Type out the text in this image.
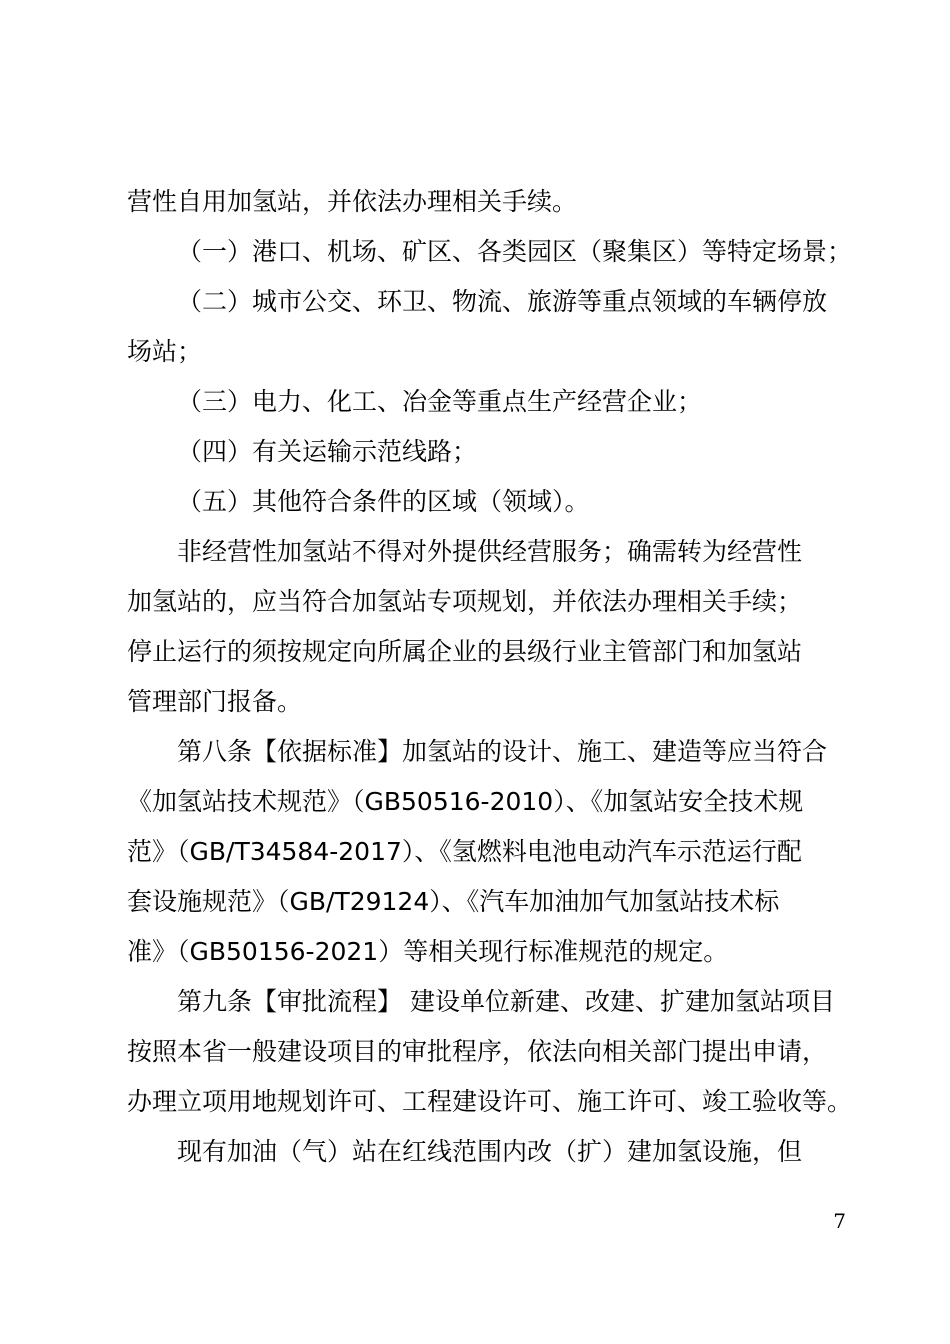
营性自用加氢站，并依法办理相关手续。
（一）港口、机场、矿区、各类园区（聚集区）等特定场景；
（二）城市公交、环卫、物流、旅游等重点领域的车辆停放
场站；
（三）电力、化工、冶金等重点生产经营企业；
（四）有关运输示范线路；
（五）其他符合条件的区域（领域）。
非经营性加氢站不得对外提供经营服务；确需转为经营性
加氢站的，应当符合加氢站专项规划，并依法办理相关手续；
停止运行的须按规定向所属企业的县级行业主管部门和加氢站
管理部门报备。
第八条【依据标准】加氢站的设计、施工、建造等应当符合
《加氢站技术规范》（GB50516-2010）、《加氢站安全技术规
范》（GB/T34584-2017）、《氢燃料电池电动汽车示范运行配
套设施规范》（GB/T29124）、《汽车加油加气加氢站技术标
准》（GB50156-2021）等相关现行标准规范的规定。
第九条【审批流程】 建设单位新建、改建、扩建加氢站项目
按照本省一般建设项目的审批程序，依法向相关部门提出申请，
办理立项用地规划许可、工程建设许可、施工许可、竣工验收等。
现有加油（气）站在红线范围内改（扩）建加氢设施，但
7
